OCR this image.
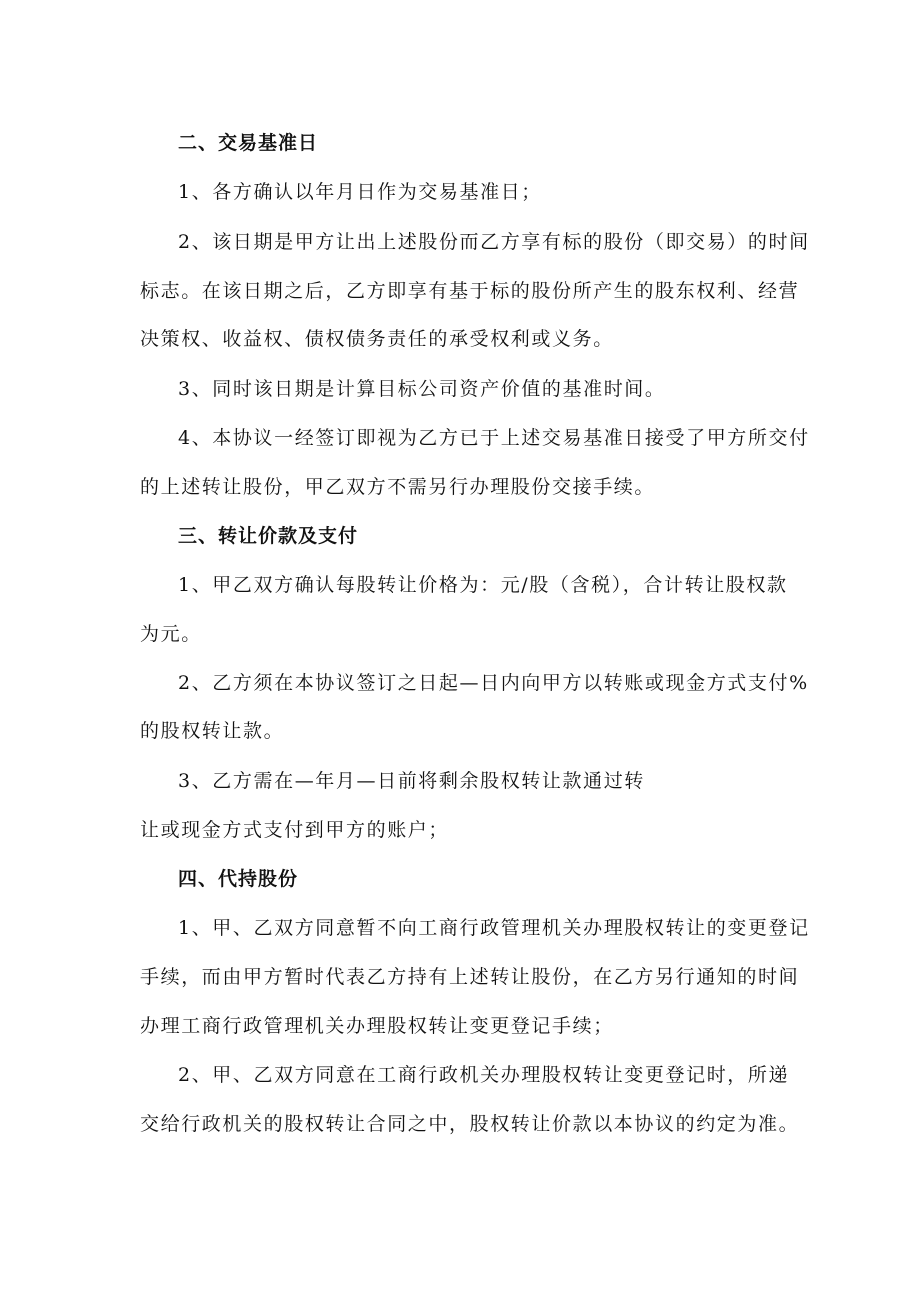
二、交易基准日
1、各方确认以年月日作为交易基准日；
2、该日期是甲方让出上述股份而乙方享有标的股份（即交易）的时间
标志。在该日期之后，乙方即享有基于标的股份所产生的股东权利、经营
决策权、收益权、债权债务责任的承受权利或义务。
3、同时该日期是计算目标公司资产价值的基准时间。
4、本协议一经签订即视为乙方已于上述交易基准日接受了甲方所交付
的上述转让股份，甲乙双方不需另行办理股份交接手续。
三、转让价款及支付
1、甲乙双方确认每股转让价格为：元/股（含税），合计转让股权款
为元。
2、乙方须在本协议签订之日起—日内向甲方以转账或现金方式支付%
的股权转让款。
3、乙方需在—年月—日前将剩余股权转让款通过转
让或现金方式支付到甲方的账户；
四、代持股份
1、甲、乙双方同意暂不向工商行政管理机关办理股权转让的变更登记
手续，而由甲方暂时代表乙方持有上述转让股份，在乙方另行通知的时间
办理工商行政管理机关办理股权转让变更登记手续；
2、甲、乙双方同意在工商行政机关办理股权转让变更登记时，所递
交给行政机关的股权转让合同之中，股权转让价款以本协议的约定为准。
